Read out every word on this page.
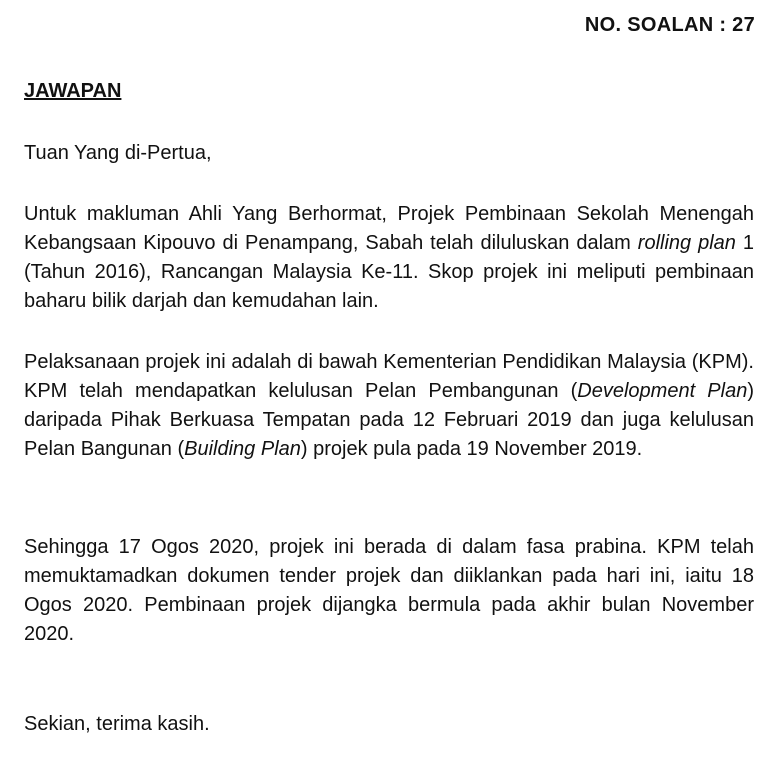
NO. SOALAN : 27
JAWAPAN
Tuan Yang di-Pertua,
Untuk makluman Ahli Yang Berhormat, Projek Pembinaan Sekolah Menengah Kebangsaan Kipouvo di Penampang, Sabah telah diluluskan dalam rolling plan 1 (Tahun 2016), Rancangan Malaysia Ke-11. Skop projek ini meliputi pembinaan baharu bilik darjah dan kemudahan lain.
Pelaksanaan projek ini adalah di bawah Kementerian Pendidikan Malaysia (KPM). KPM telah mendapatkan kelulusan Pelan Pembangunan (Development Plan) daripada Pihak Berkuasa Tempatan pada 12 Februari 2019 dan juga kelulusan Pelan Bangunan (Building Plan) projek pula pada 19 November 2019.
Sehingga 17 Ogos 2020, projek ini berada di dalam fasa prabina. KPM telah memuktamadkan dokumen tender projek dan diiklankan pada hari ini, iaitu 18 Ogos 2020. Pembinaan projek dijangka bermula pada akhir bulan November 2020.
Sekian, terima kasih.
